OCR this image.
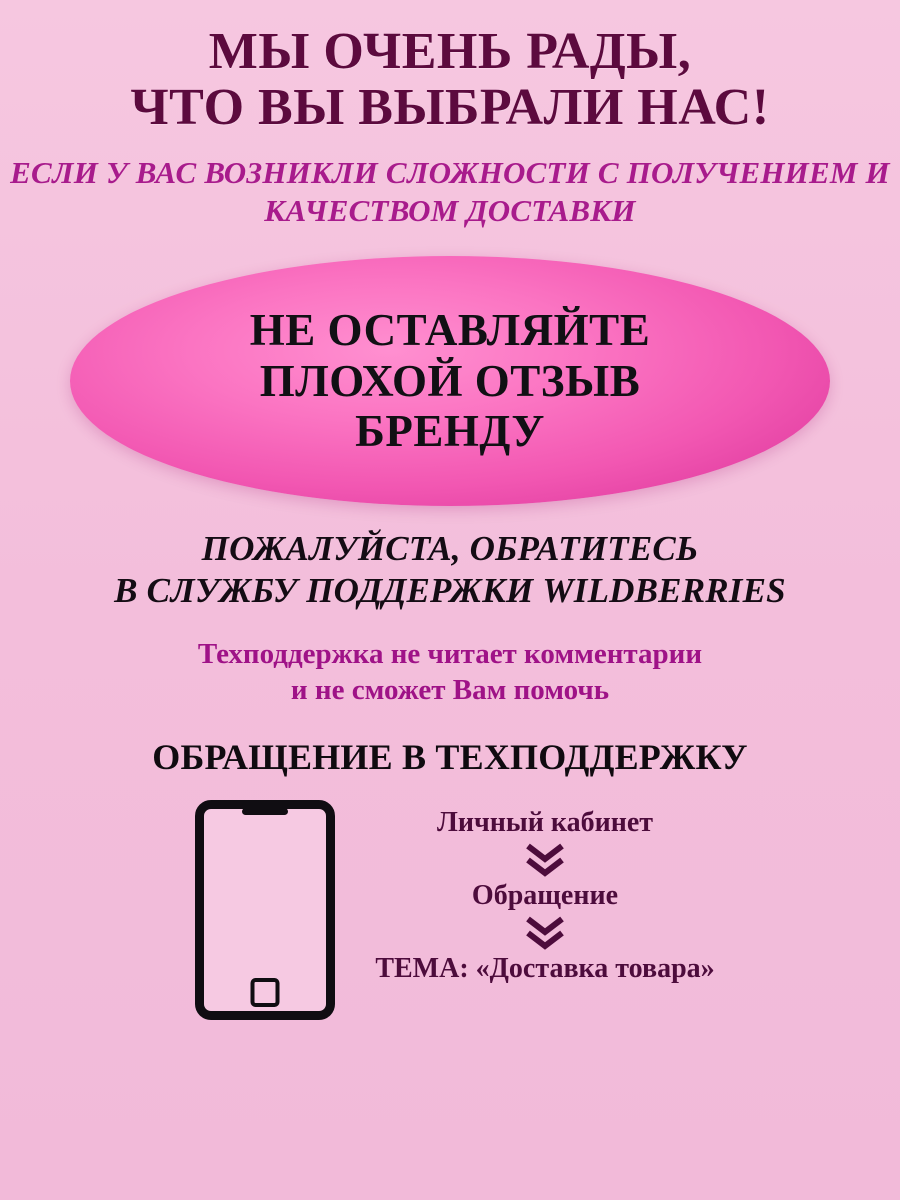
МЫ ОЧЕНЬ РАДЫ,
ЧТО ВЫ ВЫБРАЛИ НАС!
ЕСЛИ У ВАС ВОЗНИКЛИ СЛОЖНОСТИ С ПОЛУЧЕНИЕМ И КАЧЕСТВОМ ДОСТАВКИ
НЕ ОСТАВЛЯЙТЕ
ПЛОХОЙ ОТЗЫВ
БРЕНДУ
ПОЖАЛУЙСТА, ОБРАТИТЕСЬ
В СЛУЖБУ ПОДДЕРЖКИ WILDBERRIES
Техподдержка не читает комментарии
и не сможет Вам помочь
ОБРАЩЕНИЕ В ТЕХПОДДЕРЖКУ
Личный кабинет
Обращение
ТЕМА: «Доставка товара»
